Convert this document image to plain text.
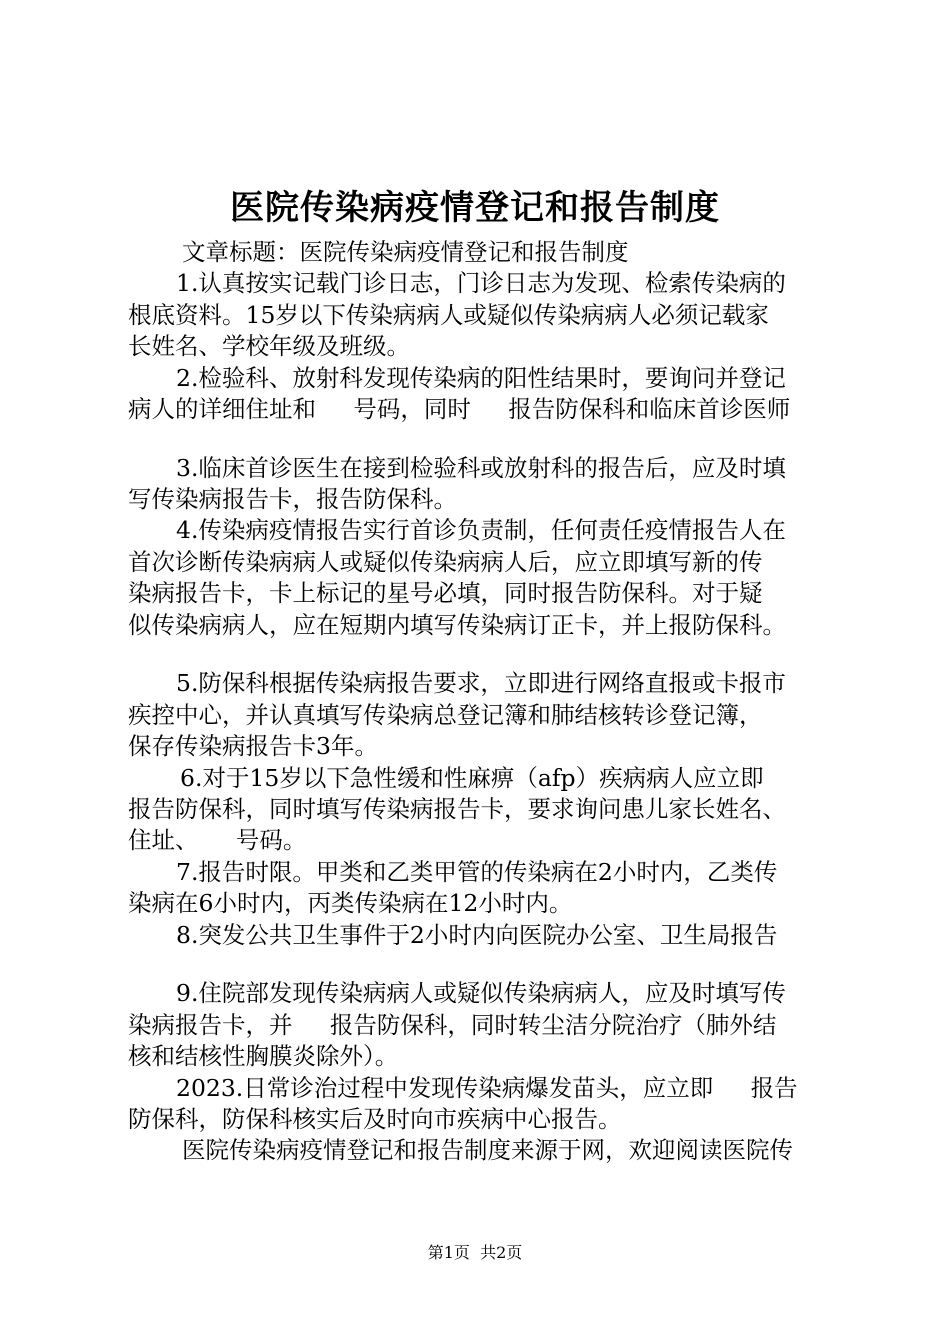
医院传染病疫情登记和报告制度
文章标题：医院传染病疫情登记和报告制度
1.认真按实记载门诊日志，门诊日志为发现、检索传染病的
根底资料。15岁以下传染病病人或疑似传染病病人必须记载家
长姓名、学校年级及班级。
2.检验科、放射科发现传染病的阳性结果时，要询问并登记
病人的详细住址和     号码，同时     报告防保科和临床首诊医师
3.临床首诊医生在接到检验科或放射科的报告后，应及时填
写传染病报告卡，报告防保科。
4.传染病疫情报告实行首诊负责制，任何责任疫情报告人在
首次诊断传染病病人或疑似传染病病人后，应立即填写新的传
染病报告卡，卡上标记的星号必填，同时报告防保科。对于疑
似传染病病人，应在短期内填写传染病订正卡，并上报防保科。
5.防保科根据传染病报告要求，立即进行网络直报或卡报市
疾控中心，并认真填写传染病总登记簿和肺结核转诊登记簿，
保存传染病报告卡3年。
6.对于15岁以下急性缓和性麻痹（afp）疾病病人应立即
报告防保科，同时填写传染病报告卡，要求询问患儿家长姓名、
住址、     号码。
7.报告时限。甲类和乙类甲管的传染病在2小时内，乙类传
染病在6小时内，丙类传染病在12小时内。
8.突发公共卫生事件于2小时内向医院办公室、卫生局报告
9.住院部发现传染病病人或疑似传染病病人，应及时填写传
染病报告卡，并     报告防保科，同时转尘洁分院治疗（肺外结
核和结核性胸膜炎除外）。
2023.日常诊治过程中发现传染病爆发苗头，应立即     报告
防保科，防保科核实后及时向市疾病中心报告。
医院传染病疫情登记和报告制度来源于网，欢迎阅读医院传
第1页  共2页
